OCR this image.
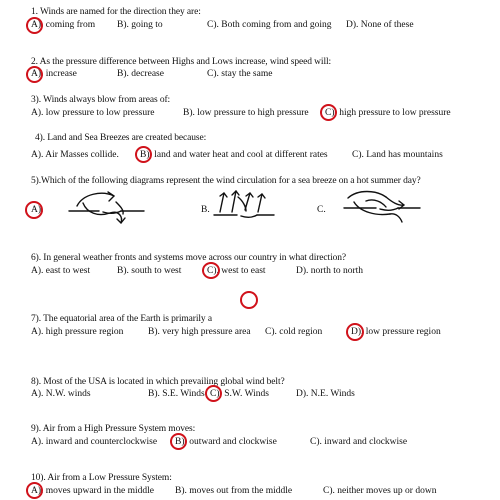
1. Winds are named for the direction they are:
A). coming from B). going to	C). Both coming from and going D). None of these
2. As the pressure difference between Highs and Lows increase, wind speed will:
A). increase	B). decrease	C). stay the same
3). Winds always blow from areas of:
A). low pressure to low pressure	B). low pressure to high pressure C). high pressure to low pressure
4). Land and Sea Breezes are created because:
A). Air Masses collide. B). land and water heat and cool at different rates	C). Land has mountains
5).Which of the following diagrams represent the wind circulation for a sea breeze on a hot summer day?
A).	B.	C.
6). In general weather fronts and systems move across our country in what direction?
A). east to west	B). south to west	C). west to east	D). north to north
7). The equatorial area of the Earth is primarily a
A). high pressure region	B). very high pressure area C). cold region	D). low pressure region
8). Most of the USA is located in which prevailing global wind belt?
A). N.W. winds	B). S.E. Winds C). S.W. Winds	D). N.E. Winds
9). Air from a High Pressure System moves:
A). inward and counterclockwise B). outward and clockwise	C). inward and clockwise
10). Air from a Low Pressure System:
A). moves upward in the middle B). moves out from the middle	C). neither moves up or down
